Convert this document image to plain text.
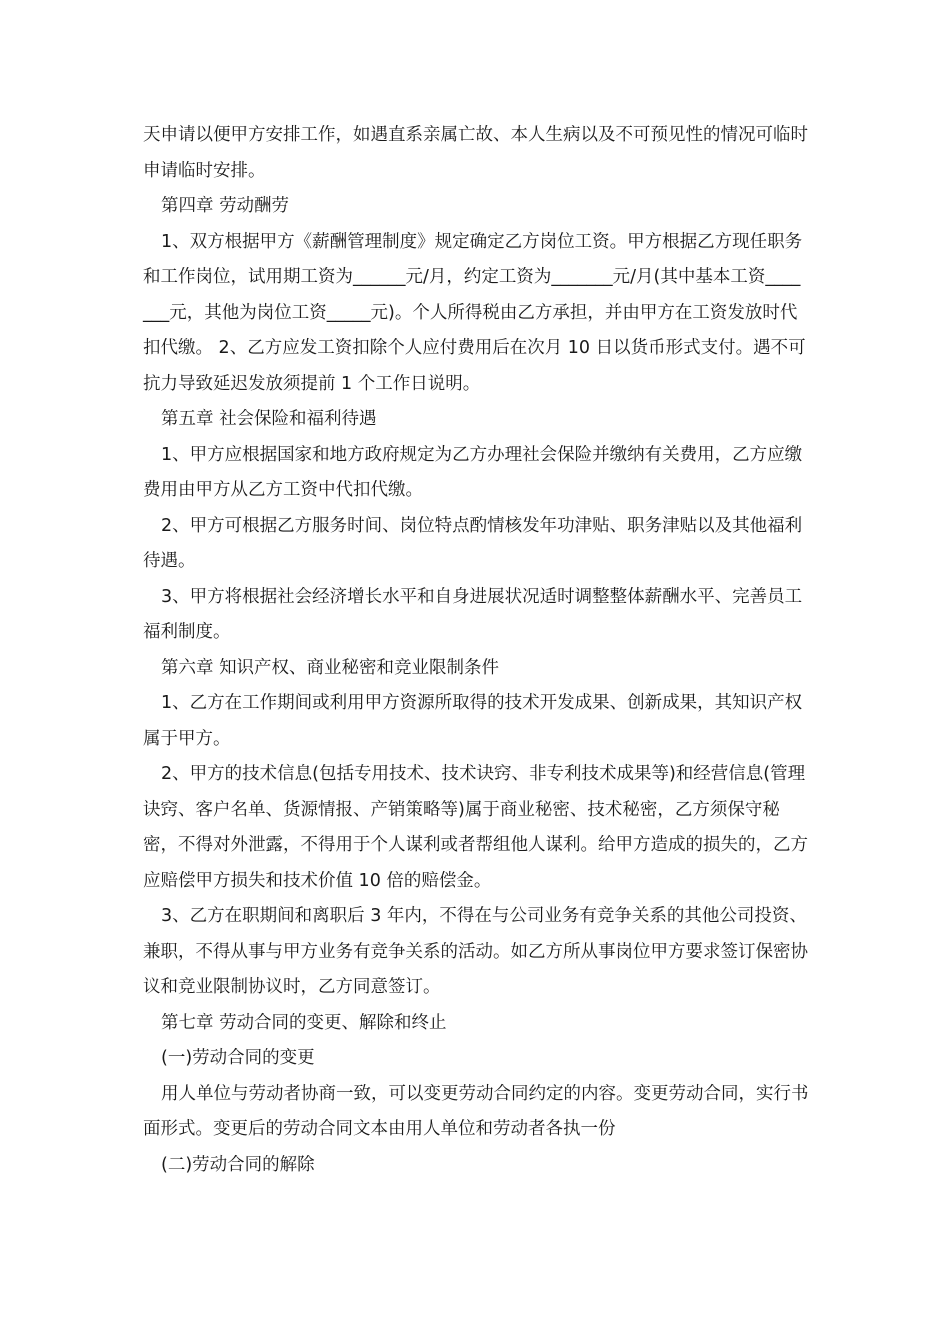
天申请以便甲方安排工作，如遇直系亲属亡故、本人生病以及不可预见性的情况可临时申请临时安排。

第四章 劳动酬劳

1、双方根据甲方《薪酬管理制度》规定确定乙方岗位工资。甲方根据乙方现任职务和工作岗位，试用期工资为______元/月，约定工资为_______元/月(其中基本工资_______元，其他为岗位工资_____元)。个人所得税由乙方承担，并由甲方在工资发放时代扣代缴。 2、乙方应发工资扣除个人应付费用后在次月 10 日以货币形式支付。遇不可抗力导致延迟发放须提前 1 个工作日说明。

第五章 社会保险和福利待遇

1、甲方应根据国家和地方政府规定为乙方办理社会保险并缴纳有关费用，乙方应缴费用由甲方从乙方工资中代扣代缴。

2、甲方可根据乙方服务时间、岗位特点酌情核发年功津贴、职务津贴以及其他福利待遇。

3、甲方将根据社会经济增长水平和自身进展状况适时调整整体薪酬水平、完善员工福利制度。

第六章 知识产权、商业秘密和竞业限制条件

1、乙方在工作期间或利用甲方资源所取得的技术开发成果、创新成果，其知识产权属于甲方。

2、甲方的技术信息(包括专用技术、技术诀窍、非专利技术成果等)和经营信息(管理诀窍、客户名单、货源情报、产销策略等)属于商业秘密、技术秘密，乙方须保守秘密，不得对外泄露，不得用于个人谋利或者帮组他人谋利。给甲方造成的损失的，乙方应赔偿甲方损失和技术价值 10 倍的赔偿金。

3、乙方在职期间和离职后 3 年内，不得在与公司业务有竞争关系的其他公司投资、兼职，不得从事与甲方业务有竞争关系的活动。如乙方所从事岗位甲方要求签订保密协议和竞业限制协议时，乙方同意签订。

第七章 劳动合同的变更、解除和终止

(一)劳动合同的变更

用人单位与劳动者协商一致，可以变更劳动合同约定的内容。变更劳动合同，实行书面形式。变更后的劳动合同文本由用人单位和劳动者各执一份

(二)劳动合同的解除
